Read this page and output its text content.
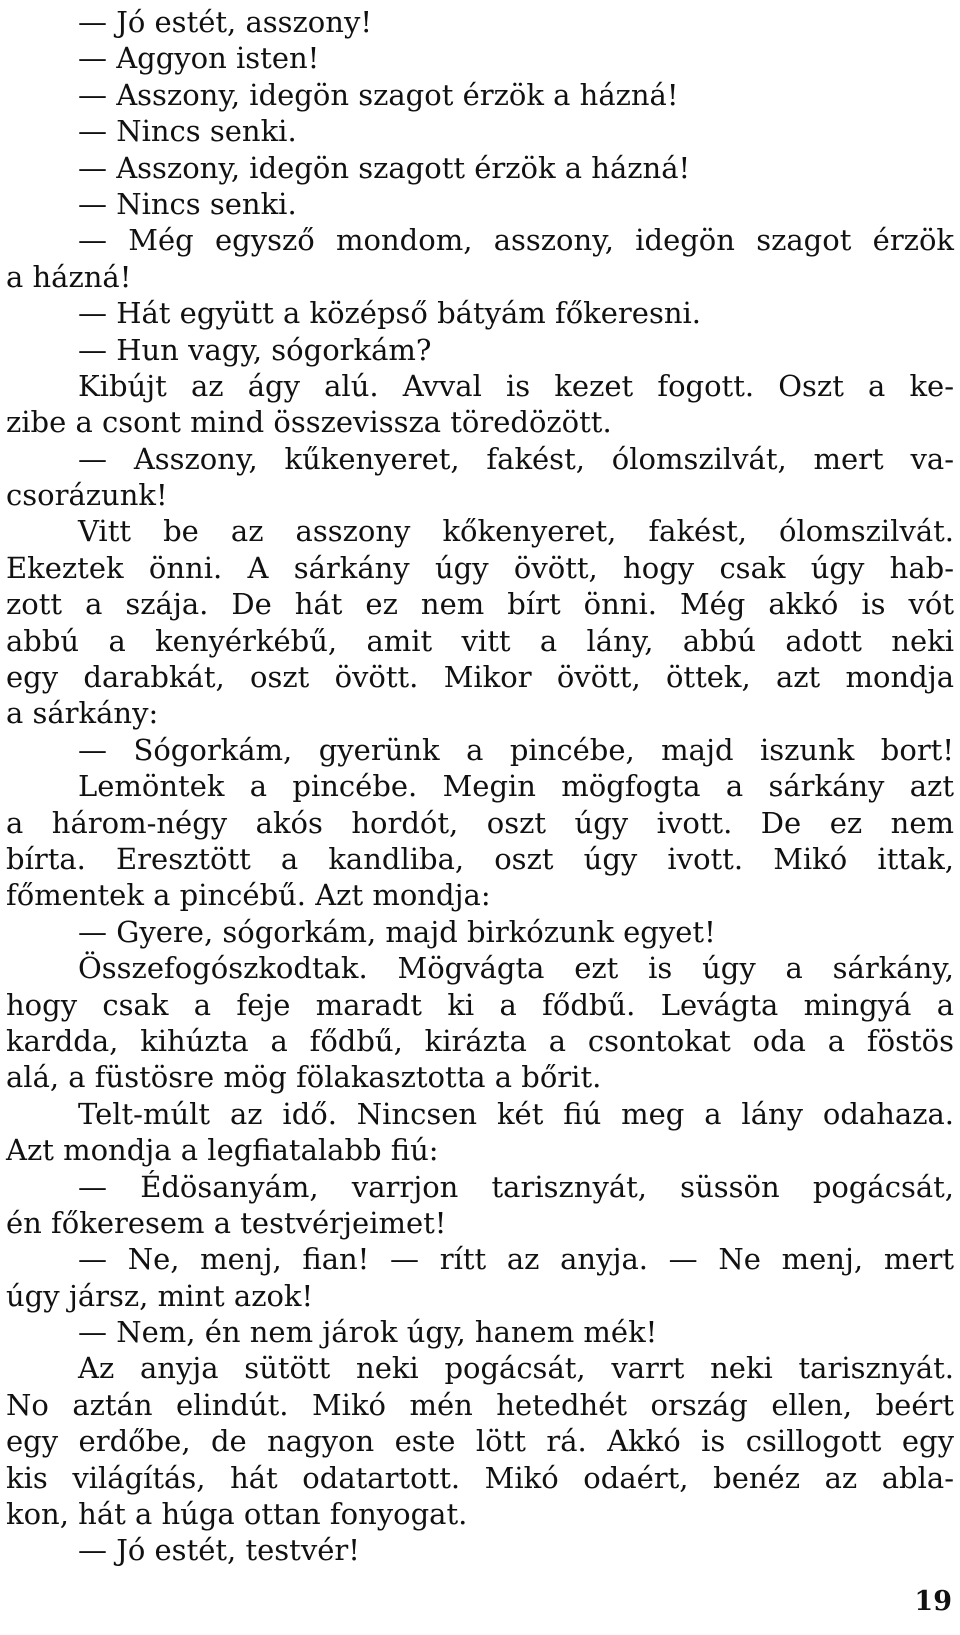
— Jó estét, asszony!
— Aggyon isten!
— Asszony, idegön szagot érzök a házná!
— Nincs senki.
— Asszony, idegön szagott érzök a házná!
— Nincs senki.
— Még egysző mondom, asszony, idegön szagot érzök
a házná!
— Hát együtt a középső bátyám főkeresni.
— Hun vagy, sógorkám?
Kibújt az ágy alú. Avval is kezet fogott. Oszt a ke-
zibe a csont mind összevissza töredözött.
— Asszony, kűkenyeret, fakést, ólomszilvát, mert va-
csorázunk!
Vitt be az asszony kőkenyeret, fakést, ólomszilvát.
Ekeztek önni. A sárkány úgy övött, hogy csak úgy hab-
zott a szája. De hát ez nem bírt önni. Még akkó is vót
abbú a kenyérkébű, amit vitt a lány, abbú adott neki
egy darabkát, oszt övött. Mikor övött, öttek, azt mondja
a sárkány:
— Sógorkám, gyerünk a pincébe, majd iszunk bort!
Lemöntek a pincébe. Megin mögfogta a sárkány azt
a három-négy akós hordót, oszt úgy ivott. De ez nem
bírta. Eresztött a kandliba, oszt úgy ivott. Mikó ittak,
főmentek a pincébű. Azt mondja:
— Gyere, sógorkám, majd birkózunk egyet!
Összefogószkodtak. Mögvágta ezt is úgy a sárkány,
hogy csak a feje maradt ki a fődbű. Levágta mingyá a
kardda, kihúzta a fődbű, kirázta a csontokat oda a föstös
alá, a füstösre mög fölakasztotta a bőrit.
Telt-múlt az idő. Nincsen két fiú meg a lány odahaza.
Azt mondja a legfiatalabb fiú:
— Édösanyám, varrjon tarisznyát, süssön pogácsát,
én főkeresem a testvérjeimet!
— Ne, menj, fian! — rítt az anyja. — Ne menj, mert
úgy jársz, mint azok!
— Nem, én nem járok úgy, hanem mék!
Az anyja sütött neki pogácsát, varrt neki tarisznyát.
No aztán elindút. Mikó mén hetedhét ország ellen, beért
egy erdőbe, de nagyon este lött rá. Akkó is csillogott egy
kis világítás, hát odatartott. Mikó odaért, benéz az abla-
kon, hát a húga ottan fonyogat.
— Jó estét, testvér!
19
